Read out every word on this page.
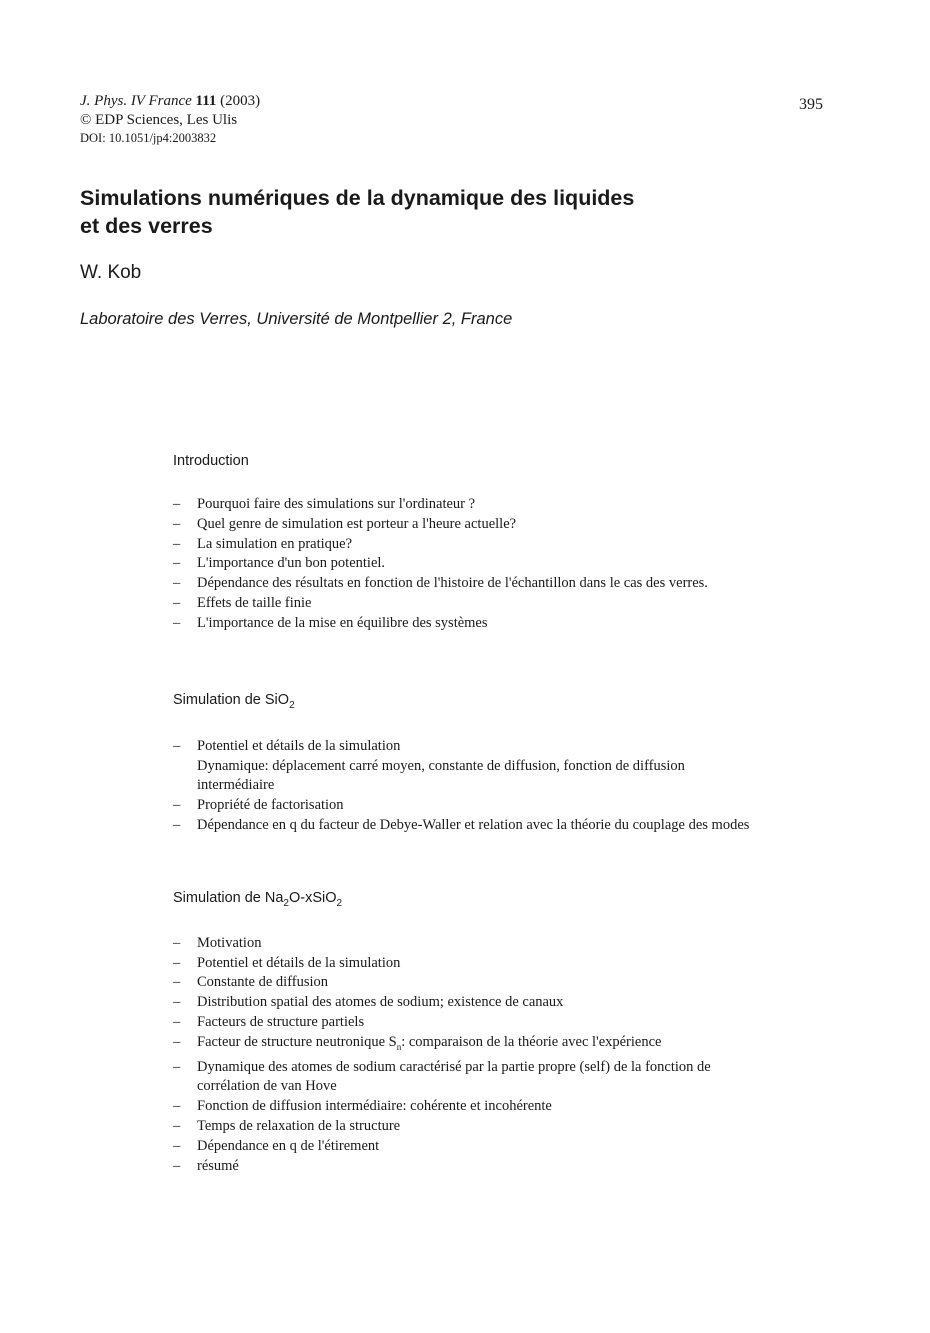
J. Phys. IV France 111 (2003)
© EDP Sciences, Les Ulis
DOI: 10.1051/jp4:2003832
395
Simulations numériques de la dynamique des liquides
et des verres
W. Kob
Laboratoire des Verres, Université de Montpellier 2, France
Introduction
– Pourquoi faire des simulations sur l'ordinateur ?
– Quel genre de simulation est porteur a l'heure actuelle?
– La simulation en pratique?
– L'importance d'un bon potentiel.
– Dépendance des résultats en fonction de l'histoire de l'échantillon dans le cas des verres.
– Effets de taille finie
– L'importance de la mise en équilibre des systèmes
Simulation de SiO$_2$
– Potentiel et détails de la simulation
Dynamique: déplacement carré moyen, constante de diffusion, fonction de diffusion intermédiaire
– Propriété de factorisation
– Dépendance en q du facteur de Debye-Waller et relation avec la théorie du couplage des modes
Simulation de $Na_2O-xSiO_2$
– Motivation
– Potentiel et détails de la simulation
– Constante de diffusion
– Distribution spatial des atomes de sodium; existence de canaux
– Facteurs de structure partiels
– Facteur de structure neutronique $S_n$: comparaison de la théorie avec l'expérience
– Dynamique des atomes de sodium caractérisé par la partie propre (self) de la fonction de corrélation de van Hove
– Fonction de diffusion intermédiaire: cohérente et incohérente
– Temps de relaxation de la structure
– Dépendance en q de l'étirement
– résumé
